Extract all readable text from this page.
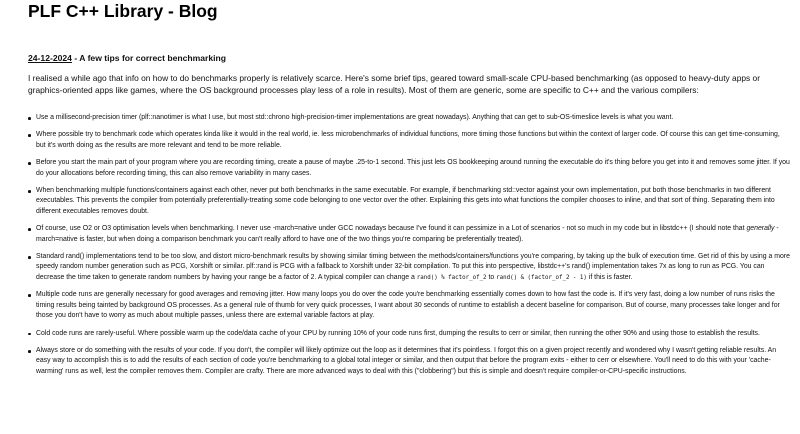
PLF C++ Library - Blog
24-12-2024 - A few tips for correct benchmarking

I realised a while ago that info on how to do benchmarks properly is relatively scarce. Here's some brief tips, geared toward small-scale CPU-based benchmarking (as opposed to heavy-duty apps or graphics-oriented apps like games, where the OS background processes play less of a role in results). Most of them are generic, some are specific to C++ and the various compilers:

Use a millisecond-precision timer (plf::nanotimer is what I use, but most std::chrono high-precision-timer implementations are great nowadays). Anything that can get to sub-OS-timeslice levels is what you want.
Where possible try to benchmark code which operates kinda like it would in the real world, ie. less microbenchmarks of individual functions, more timing those functions but within the context of larger code. Of course this can get time-consuming, but it's worth doing as the results are more relevant and tend to be more reliable.
Before you start the main part of your program where you are recording timing, create a pause of maybe .25-to-1 second. This just lets OS bookkeeping around running the executable do it's thing before you get into it and removes some jitter. If you do your allocations before recording timing, this can also remove variability in many cases.
When benchmarking multiple functions/containers against each other, never put both benchmarks in the same executable. For example, if benchmarking std::vector against your own implementation, put both those benchmarks in two different executables. This prevents the compiler from potentially preferentially-treating some code belonging to one vector over the other. Explaining this gets into what functions the compiler chooses to inline, and that sort of thing. Separating them into different executables removes doubt.
Of course, use O2 or O3 optimisation levels when benchmarking. I never use -march=native under GCC nowadays because I've found it can pessimize in a Lot of scenarios - not so much in my code but in libstdc++ (I should note that generally -march=native is faster, but when doing a comparison benchmark you can't really afford to have one of the two things you're comparing be preferentially treated).
Standard rand() implementations tend to be too slow, and distort micro-benchmark results by showing similar timing between the methods/containers/functions you're comparing, by taking up the bulk of execution time. Get rid of this by using a more speedy random number generation such as PCG, Xorshift or similar. plf::rand is PCG with a fallback to Xorshift under 32-bit compilation. To put this into perspective, libstdc++'s rand() implementation takes 7x as long to run as PCG. You can decrease the time taken to generate random numbers by having your range be a factor of 2. A typical compiler can change a rand() % factor_of_2 to rand() & (factor_of_2 - 1) if this is faster.
Multiple code runs are generally necessary for good averages and removing jitter. How many loops you do over the code you're benchmarking essentially comes down to how fast the code is. If it's very fast, doing a low number of runs risks the timing results being tainted by background OS processes. As a general rule of thumb for very quick processes, I want about 30 seconds of runtime to establish a decent baseline for comparison. But of course, many processes take longer and for those you don't have to worry as much about multiple passes, unless there are external variable factors at play.
Cold code runs are rarely-useful. Where possible warm up the code/data cache of your CPU by running 10% of your code runs first, dumping the results to cerr or similar, then running the other 90% and using those to establish the results.
Always store or do something with the results of your code. If you don't, the compiler will likely optimize out the loop as it determines that it's pointless. I forgot this on a given project recently and wondered why I wasn't getting reliable results. An easy way to accomplish this is to add the results of each section of code you're benchmarking to a global total integer or similar, and then output that before the program exits - either to cerr or elsewhere. You'll need to do this with your 'cache-warming' runs as well, lest the compiler removes them. Compiler are crafty. There are more advanced ways to deal with this ("clobbering") but this is simple and doesn't require compiler-or-CPU-specific instructions.
